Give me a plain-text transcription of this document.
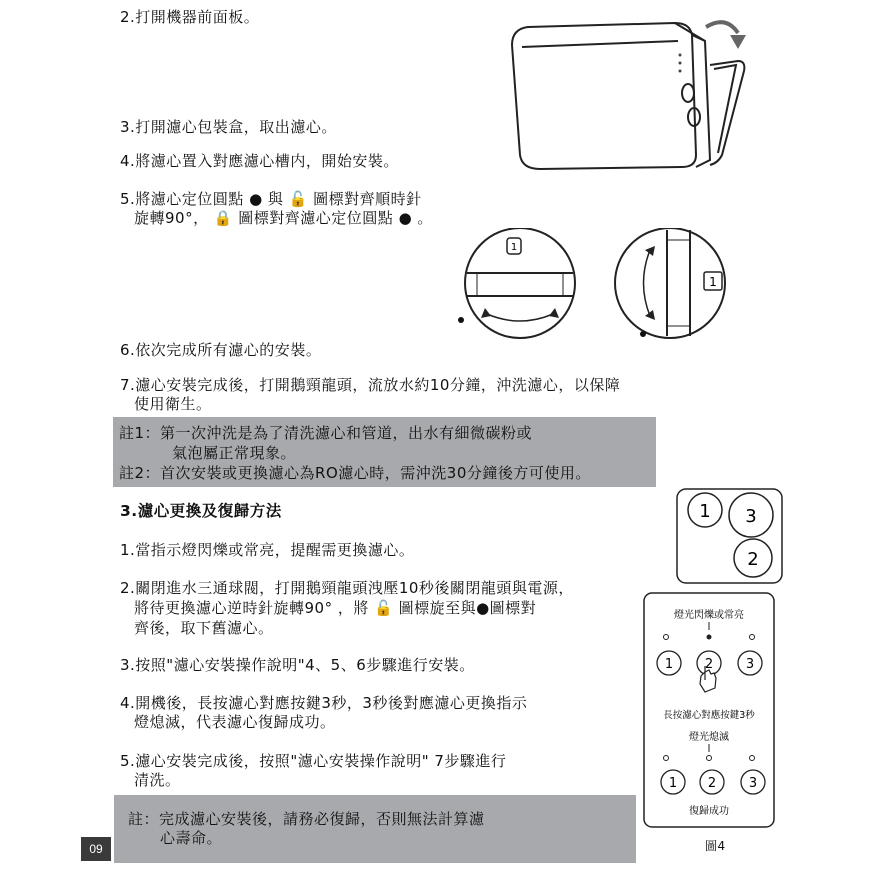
2.打開機器前面板。
3.打開濾心包裝盒，取出濾心。
4.將濾心置入對應濾心槽内，開始安裝。
5.將濾心定位圓點 ● 與 🔓 圖標對齊順時針
旋轉90°， 🔒 圖標對齊濾心定位圓點 ● 。
6.依次完成所有濾心的安裝。
7.濾心安裝完成後，打開鵝頸龍頭，流放水約10分鐘，沖洗濾心，以保障
使用衛生。
1
1
註1：第一次沖洗是為了清洗濾心和管道，出水有細微碳粉或
氣泡屬正常現象。
註2：首次安裝或更換濾心為RO濾心時，需沖洗30分鐘後方可使用。
3.濾心更換及復歸方法
1.當指示燈閃爍或常亮，提醒需更換濾心。
2.關閉進水三通球閥，打開鵝頸龍頭洩壓10秒後關閉龍頭與電源，
將待更換濾心逆時針旋轉90° ，將 🔓 圖標旋至與●圖標對
齊後，取下舊濾心。
3.按照"濾心安裝操作說明"4、5、6步驟進行安裝。
4.開機後，長按濾心對應按鍵3秒，3秒後對應濾心更換指示
燈熄滅，代表濾心復歸成功。
5.濾心安裝完成後，按照"濾心安裝操作說明" 7步驟進行
清洗。
註：完成濾心安裝後，請務必復歸，否則無法計算濾
心壽命。
09
1 3
2
燈光閃爍或常亮
1 2	3
長按濾心對應按鍵3秒
燈光熄滅
1 2	3
復歸成功
圖4
